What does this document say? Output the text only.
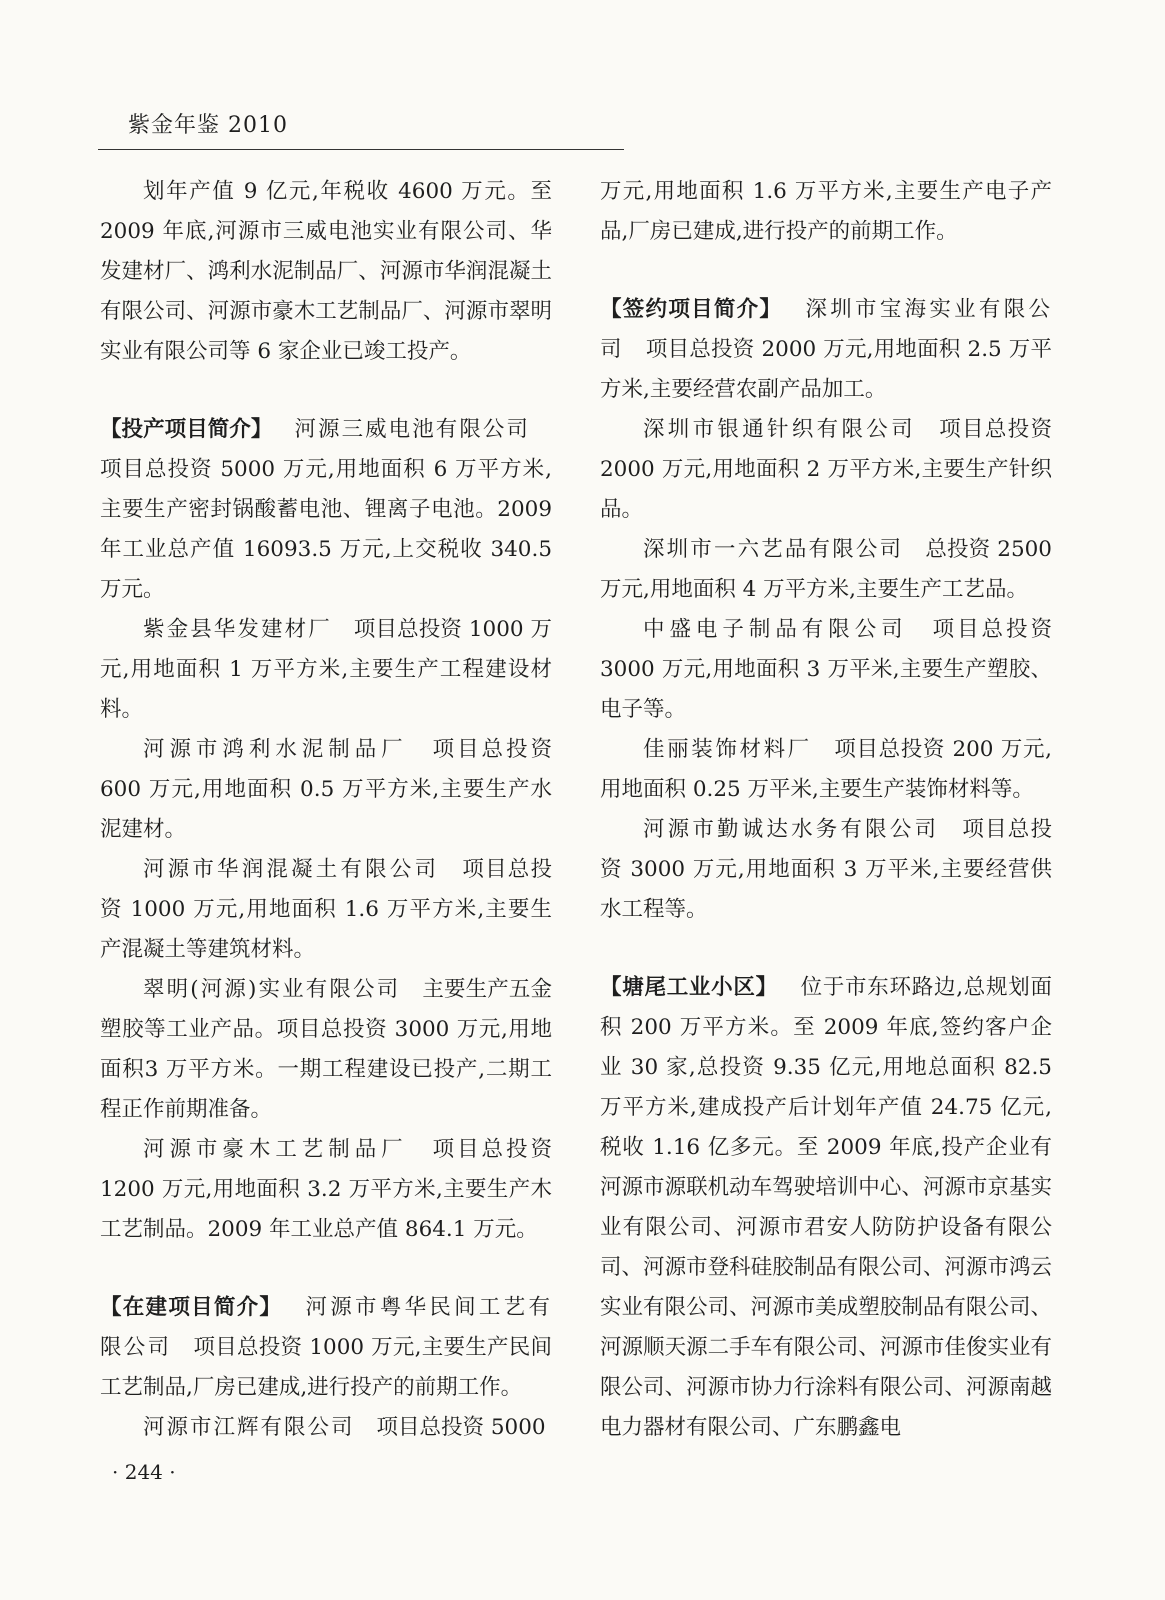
紫金年鉴 2010

划年产值 9 亿元,年税收 4600 万元。至 2009 年底,河源市三威电池实业有限公司、华发建材厂、鸿利水泥制品厂、河源市华润混凝土有限公司、河源市豪木工艺制品厂、河源市翠明实业有限公司等 6 家企业已竣工投产。

【投产项目简介】 河源三威电池有限公司项目总投资 5000 万元,用地面积 6 万平方米,主要生产密封锅酸蓄电池、锂离子电池。2009 年工业总产值 16093.5 万元,上交税收 340.5 万元。

紫金县华发建材厂 项目总投资 1000 万元,用地面积 1 万平方米,主要生产工程建设材料。

河源市鸿利水泥制品厂 项目总投资 600 万元,用地面积 0.5 万平方米,主要生产水泥建材。

河源市华润混凝土有限公司 项目总投资 1000 万元,用地面积 1.6 万平方米,主要生产混凝土等建筑材料。

翠明(河源)实业有限公司 主要生产五金塑胶等工业产品。项目总投资 3000 万元,用地面积3 万平方米。一期工程建设已投产,二期工程正作前期准备。

河源市豪木工艺制品厂 项目总投资 1200 万元,用地面积 3.2 万平方米,主要生产木工艺制品。2009 年工业总产值 864.1 万元。

【在建项目简介】 河源市粤华民间工艺有限公司 项目总投资 1000 万元,主要生产民间工艺制品,厂房已建成,进行投产的前期工作。

河源市江辉有限公司 项目总投资 5000

万元,用地面积 1.6 万平方米,主要生产电子产品,厂房已建成,进行投产的前期工作。

【签约项目简介】 深圳市宝海实业有限公司 项目总投资 2000 万元,用地面积 2.5 万平方米,主要经营农副产品加工。

深圳市银通针织有限公司 项目总投资 2000 万元,用地面积 2 万平方米,主要生产针织品。

深圳市一六艺品有限公司 总投资 2500 万元,用地面积 4 万平方米,主要生产工艺品。

中盛电子制品有限公司 项目总投资 3000 万元,用地面积 3 万平米,主要生产塑胶、电子等。

佳丽装饰材料厂 项目总投资 200 万元,用地面积 0.25 万平米,主要生产装饰材料等。

河源市勤诚达水务有限公司 项目总投资 3000 万元,用地面积 3 万平米,主要经营供水工程等。

【塘尾工业小区】 位于市东环路边,总规划面积 200 万平方米。至 2009 年底,签约客户企业 30 家,总投资 9.35 亿元,用地总面积 82.5 万平方米,建成投产后计划年产值 24.75 亿元,税收 1.16 亿多元。至 2009 年底,投产企业有河源市源联机动车驾驶培训中心、河源市京基实业有限公司、河源市君安人防防护设备有限公司、河源市登科硅胶制品有限公司、河源市鸿云实业有限公司、河源市美成塑胶制品有限公司、河源顺天源二手车有限公司、河源市佳俊实业有限公司、河源市协力行涂料有限公司、河源南越电力器材有限公司、广东鹏鑫电

· 244 ·
